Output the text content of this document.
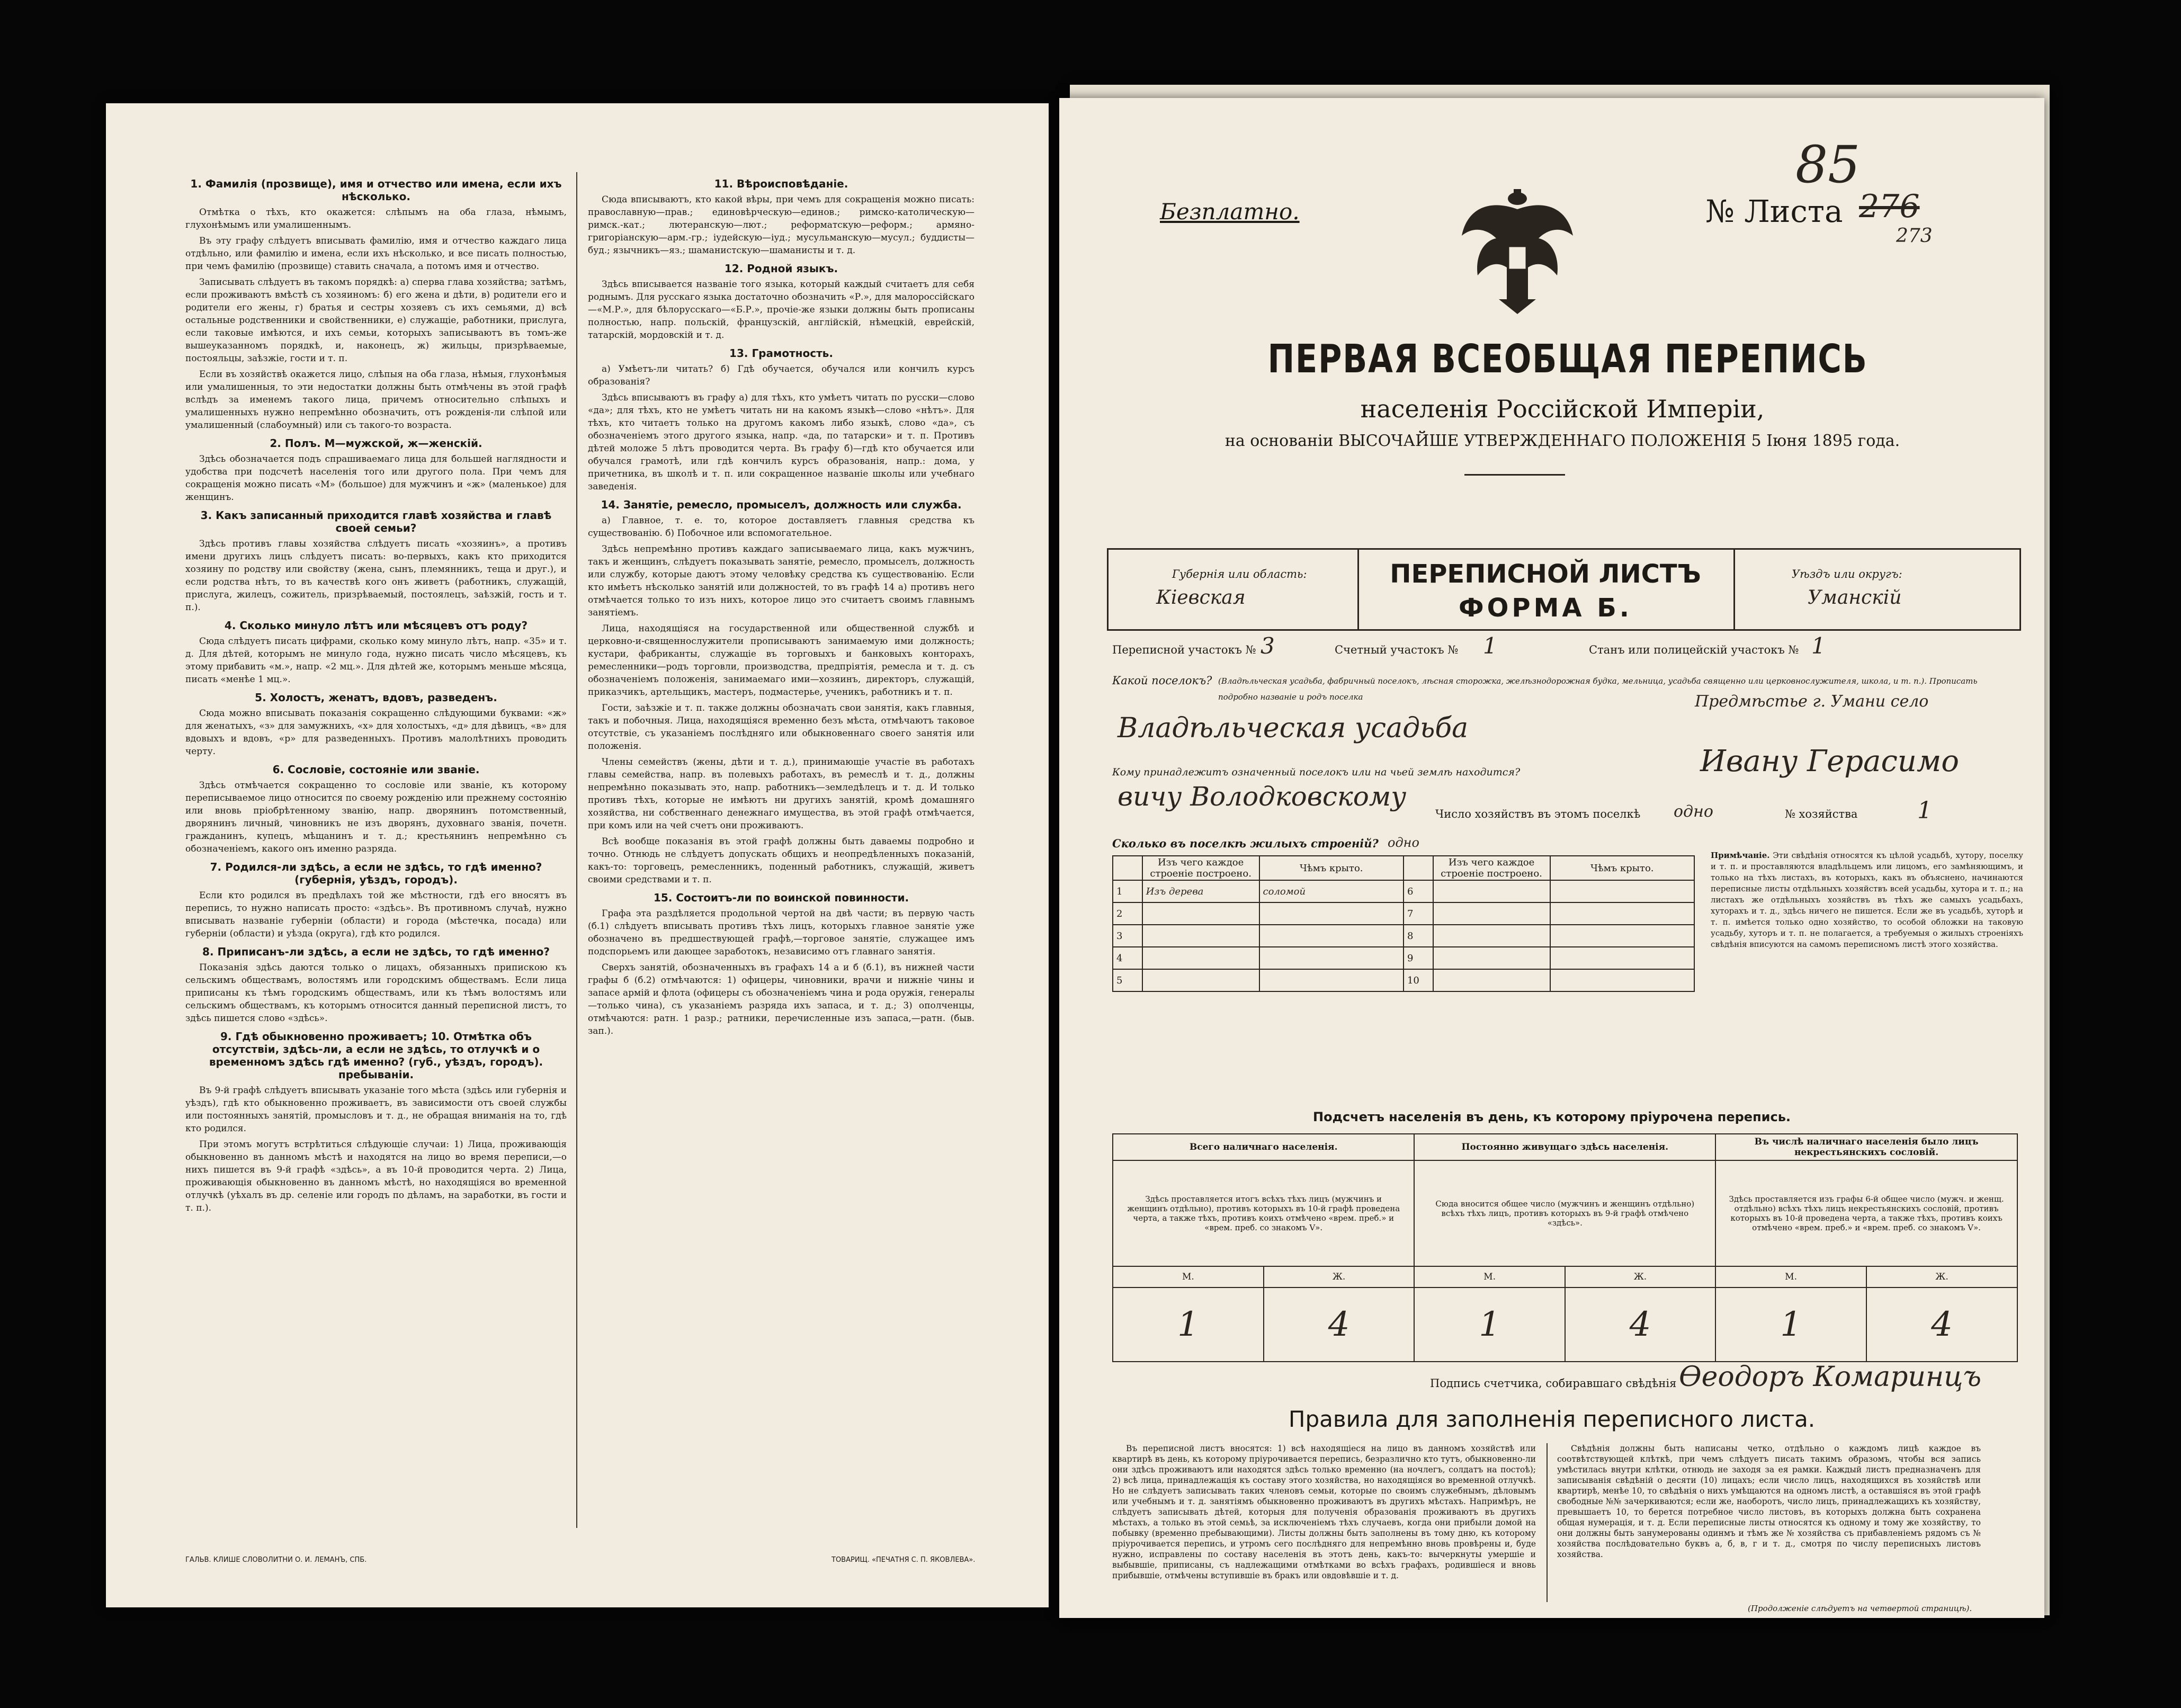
1. Фамилія (прозвище), имя и отчество или имена, если ихъ нѣсколько.

Отмѣтка о тѣхъ, кто окажется: слѣпымъ на оба глаза, нѣмымъ, глухонѣмымъ или умалишеннымъ.

Въ эту графу слѣдуетъ вписывать фамилію, имя и отчество каждаго лица отдѣльно, или фамилію и имена, если ихъ нѣсколько, и все писать полностью, при чемъ фамилію (прозвище) ставить сначала, а потомъ имя и отчество.

Записывать слѣдуетъ въ такомъ порядкѣ: а) сперва глава хозяйства; затѣмъ, если проживаютъ вмѣстѣ съ хозяиномъ: б) его жена и дѣти, в) родители его и родители его жены, г) братья и сестры хозяевъ съ ихъ семьями, д) всѣ остальные родственники и свойственники, е) служащіе, работники, прислуга, если таковые имѣются, и ихъ семьи, которыхъ записываютъ въ томъ-же вышеуказанномъ порядкѣ, и, наконецъ, ж) жильцы, призрѣваемые, постояльцы, заѣзжіе, гости и т. п.

Если въ хозяйствѣ окажется лицо, слѣпыя на оба глаза, нѣмыя, глухонѣмыя или умалишенныя, то эти недостатки должны быть отмѣчены въ этой графѣ вслѣдъ за именемъ такого лица, причемъ относительно слѣпыхъ и умалишенныхъ нужно непремѣнно обозначить, отъ рожденія-ли слѣпой или умалишенный (слабоумный) или съ такого-то возраста.

2. Полъ. М—мужской, ж—женскій.

Здѣсь обозначается подъ спрашиваемаго лица для большей наглядности и удобства при подсчетѣ населенія того или другого пола. При чемъ для сокращенія можно писать «М» (большое) для мужчинъ и «ж» (маленькое) для женщинъ.

3. Какъ записанный приходится главѣ хозяйства и главѣ своей семьи?

Здѣсь противъ главы хозяйства слѣдуетъ писать «хозяинъ», а противъ имени другихъ лицъ слѣдуетъ писать: во-первыхъ, какъ кто приходится хозяину по родству или свойству (жена, сынъ, племянникъ, теща и друг.), и если родства нѣтъ, то въ качествѣ кого онъ живетъ (работникъ, служащій, прислуга, жилецъ, сожитель, призрѣваемый, постоялецъ, заѣзжій, гость и т. п.).

4. Сколько минуло лѣтъ или мѣсяцевъ отъ роду?

Сюда слѣдуетъ писать цифрами, сколько кому минуло лѣтъ, напр. «35» и т. д. Для дѣтей, которымъ не минуло года, нужно писать число мѣсяцевъ, къ этому прибавить «м.», напр. «2 мц.». Для дѣтей же, которымъ меньше мѣсяца, писать «менѣе 1 мц.».

5. Холостъ, женатъ, вдовъ, разведенъ.

Сюда можно вписывать показанія сокращенно слѣдующими буквами: «ж» для женатыхъ, «з» для замужнихъ, «х» для холостыхъ, «д» для дѣвицъ, «в» для вдовыхъ и вдовъ, «р» для разведенныхъ. Противъ малолѣтнихъ проводить черту.

6. Сословіе, состояніе или званіе.

Здѣсь отмѣчается сокращенно то сословіе или званіе, къ которому переписываемое лицо относится по своему рожденію или прежнему состоянію или вновь пріобрѣтенному званію, напр. дворянинъ потомственный, дворянинъ личный, чиновникъ не изъ дворянъ, духовнаго званія, почетн. гражданинъ, купецъ, мѣщанинъ и т. д.; крестьянинъ непремѣнно съ обозначеніемъ, какого онъ именно разряда.

7. Родился-ли здѣсь, а если не здѣсь, то гдѣ именно? (губернія, уѣздъ, городъ).

Если кто родился въ предѣлахъ той же мѣстности, гдѣ его вносятъ въ перепись, то нужно написать просто: «здѣсь». Въ противномъ случаѣ, нужно вписывать названіе губерніи (области) и города (мѣстечка, посада) или губерніи (области) и уѣзда (округа), гдѣ кто родился.

8. Приписанъ-ли здѣсь, а если не здѣсь, то гдѣ именно?

Показанія здѣсь даются только о лицахъ, обязанныхъ припискою къ сельскимъ обществамъ, волостямъ или городскимъ обществамъ. Если лица приписаны къ тѣмъ городскимъ обществамъ, или къ тѣмъ волостямъ или сельскимъ обществамъ, къ которымъ относится данный переписной листъ, то здѣсь пишется слово «здѣсь».

9. Гдѣ обыкновенно проживаетъ; 10. Отмѣтка объ отсутствіи, здѣсь-ли, а если не здѣсь, то отлучкѣ и о временномъ здѣсь гдѣ именно? (губ., уѣздъ, городъ). пребываніи.

Въ 9-й графѣ слѣдуетъ вписывать указаніе того мѣста (здѣсь или губернія и уѣздъ), гдѣ кто обыкновенно проживаетъ, въ зависимости отъ своей службы или постоянныхъ занятій, промысловъ и т. д., не обращая вниманія на то, гдѣ кто родился.

При этомъ могутъ встрѣтиться слѣдующіе случаи: 1) Лица, проживающія обыкновенно въ данномъ мѣстѣ и находятся на лицо во время переписи,—о нихъ пишется въ 9-й графѣ «здѣсь», а въ 10-й проводится черта. 2) Лица, проживающія обыкновенно въ данномъ мѣстѣ, но находящіяся во временной отлучкѣ (уѣхалъ въ др. селеніе или городъ по дѣламъ, на заработки, въ гости и т. п.).

11. Вѣроисповѣданіе.

Сюда вписываютъ, кто какой вѣры, при чемъ для сокращенія можно писать: православную—прав.; единовѣрческую—единов.; римско-католическую—римск.-кат.; лютеранскую—лют.; реформатскую—реформ.; армяно-григоріанскую—арм.-гр.; іудейскую—іуд.; мусульманскую—мусул.; буддисты—буд.; язычникъ—яз.; шаманистскую—шаманисты и т. д.

12. Родной языкъ.

Здѣсь вписывается названіе того языка, который каждый считаетъ для себя роднымъ. Для русскаго языка достаточно обозначить «Р.», для малороссійскаго—«М.Р.», для бѣлорусскаго—«Б.Р.», прочіе-же языки должны быть прописаны полностью, напр. польскій, французскій, англійскій, нѣмецкій, еврейскій, татарскій, мордовскій и т. д.

13. Грамотность.

а) Умѣетъ-ли читать? б) Гдѣ обучается, обучался или кончилъ курсъ образованія?

Здѣсь вписываютъ въ графу а) для тѣхъ, кто умѣетъ читать по русски—слово «да»; для тѣхъ, кто не умѣетъ читать ни на какомъ языкѣ—слово «нѣтъ». Для тѣхъ, кто читаетъ только на другомъ какомъ либо языкѣ, слово «да», съ обозначеніемъ этого другого языка, напр. «да, по татарски» и т. п. Противъ дѣтей моложе 5 лѣтъ проводится черта. Въ графу б)—гдѣ кто обучается или обучался грамотѣ, или гдѣ кончилъ курсъ образованія, напр.: дома, у причетника, въ школѣ и т. п. или сокращенное названіе школы или учебнаго заведенія.

14. Занятіе, ремесло, промыселъ, должность или служба.

а) Главное, т. е. то, которое доставляетъ главныя средства къ существованію. б) Побочное или вспомогательное.

Здѣсь непремѣнно противъ каждаго записываемаго лица, какъ мужчинъ, такъ и женщинъ, слѣдуетъ показывать занятіе, ремесло, промыселъ, должность или службу, которые даютъ этому человѣку средства къ существованію. Если кто имѣетъ нѣсколько занятій или должностей, то въ графѣ 14 а) противъ него отмѣчается только то изъ нихъ, которое лицо это считаетъ своимъ главнымъ занятіемъ.

Лица, находящіяся на государственной или общественной службѣ и церковно-и-священнослужители прописываютъ занимаемую ими должность; кустари, фабриканты, служащіе въ торговыхъ и банковыхъ конторахъ, ремесленники—родъ торговли, производства, предпріятія, ремесла и т. д. съ обозначеніемъ положенія, занимаемаго ими—хозяинъ, директоръ, служащій, приказчикъ, артельщикъ, мастеръ, подмастерье, ученикъ, работникъ и т. п.

Гости, заѣзжіе и т. п. также должны обозначать свои занятія, какъ главныя, такъ и побочныя. Лица, находящіяся временно безъ мѣста, отмѣчаютъ таковое отсутствіе, съ указаніемъ послѣдняго или обыкновеннаго своего занятія или положенія.

Члены семействъ (жены, дѣти и т. д.), принимающіе участіе въ работахъ главы семейства, напр. въ полевыхъ работахъ, въ ремеслѣ и т. д., должны непремѣнно показывать это, напр. работникъ—земледѣлецъ и т. д. И только противъ тѣхъ, которые не имѣютъ ни другихъ занятій, кромѣ домашняго хозяйства, ни собственнаго денежнаго имущества, въ этой графѣ отмѣчается, при комъ или на чей счетъ они проживаютъ.

Всѣ вообще показанія въ этой графѣ должны быть даваемы подробно и точно. Отнюдь не слѣдуетъ допускать общихъ и неопредѣленныхъ показаній, какъ-то: торговецъ, ремесленникъ, поденный работникъ, служащій, живетъ своими средствами и т. п.

15. Состоитъ-ли по воинской повинности.

Графа эта раздѣляется продольной чертой на двѣ части; въ первую часть (б.1) слѣдуетъ вписывать противъ тѣхъ лицъ, которыхъ главное занятіе уже обозначено въ предшествующей графѣ,—торговое занятіе, служащее имъ подспорьемъ или дающее заработокъ, независимо отъ главнаго занятія.

Сверхъ занятій, обозначенныхъ въ графахъ 14 а и б (б.1), въ нижней части графы б (б.2) отмѣчаются: 1) офицеры, чиновники, врачи и нижніе чины и запасе армій и флота (офицеры съ обозначеніемъ чина и рода оружія, генералы—только чина), съ указаніемъ разряда ихъ запаса, и т. д.; 3) ополченцы, отмѣчаются: ратн. 1 разр.; ратники, перечисленные изъ запаса,—ратн. (быв. зап.).

ГАЛЬВ. КЛИШЕ СЛОВОЛИТНИ О. И. ЛЕМАНЪ, СПБ.	ТОВАРИЩ. «ПЕЧАТНЯ С. П. ЯКОВЛЕВА».
Безплатно.	№ Листа 276
273
85
ПЕРВАЯ ВСЕОБЩАЯ ПЕРЕПИСЬ
населенія Россійской Имперіи,
на основаніи ВЫСОЧАЙШЕ УТВЕРЖДЕННАГО ПОЛОЖЕНІЯ 5 Іюня 1895 года.
Губернія или область:
Кіевская
ПЕРЕПИСНОЙ ЛИСТЪ
ФОРМА Б.
Уѣздъ или округъ:
Уманскій
Переписной участокъ № 3	Счетный участокъ № 1	Станъ или полицейскій участокъ № 1
Какой поселокъ? (Владѣльческая усадьба, фабричный поселокъ, лѣсная сторожка, желѣзнодорожная будка, мельница, усадьба священно или церковнослужителя, школа, и т. п.). Прописать подробно названіе и родъ поселка	Предмѣстье г. Умани село
Владѣльческая усадьба
Кому принадлежитъ означенный поселокъ или на чьей землѣ находится?	Ивану Герасимо
вичу Володковскому
Число хозяйствъ въ этомъ поселкѣ одно	№ хозяйства	1
Сколько въ поселкѣ жилыхъ строеній? одно
	Изъ чего каждое строеніе построено.	Чѣмъ крыто.		Изъ чего каждое строеніе построено.	Чѣмъ крыто.
1	Изъ дерева	соломой	6		
2			7		
3			8		
4			9		
5			10		
Примѣчаніе. Эти свѣдѣнія относятся къ цѣлой усадьбѣ, хутору, поселку и т. п. и проставляются владѣльцемъ или лицомъ, его замѣняющимъ, и только на тѣхъ листахъ, въ которыхъ, какъ въ объяснено, начинаются переписные листы отдѣльныхъ хозяйствъ всей усадьбы, хутора и т. п.; на листахъ же отдѣльныхъ хозяйствъ въ тѣхъ же самыхъ усадьбахъ, хуторахъ и т. д., здѣсь ничего не пишется. Если же въ усадьбѣ, хуторѣ и т. п. имѣется только одно хозяйство, то особой обложки на таковую усадьбу, хуторъ и т. п. не полагается, а требуемыя о жилыхъ строеніяхъ свѣдѣнія вписуются на самомъ переписномъ листѣ этого хозяйства.
Подсчетъ населенія въ день, къ которому пріурочена перепись.
Всего наличнаго населенія.		Постоянно живущаго здѣсь населенія.		Въ числѣ наличнаго населенія было лицъ некрестьянскихъ сословій.	
Здѣсь проставляется итогъ всѣхъ тѣхъ лицъ (мужчинъ и женщинъ отдѣльно), противъ которыхъ въ 10-й графѣ проведена черта, а также тѣхъ, противъ коихъ отмѣчено «врем. преб.» и «врем. преб. со знакомъ V».		Сюда вносится общее число (мужчинъ и женщинъ отдѣльно) всѣхъ тѣхъ лицъ, противъ которыхъ въ 9-й графѣ отмѣчено «здѣсь».		Здѣсь проставляется изъ графы 6-й общее число (мужч. и женщ. отдѣльно) всѣхъ тѣхъ лицъ некрестьянскихъ сословій, противъ которыхъ въ 10-й проведена черта, а также тѣхъ, противъ коихъ отмѣчено «врем. преб.» и «врем. преб. со знакомъ V».	
М.	Ж.	М.	Ж.	М.	Ж.
1	4	1	4	1	4
Подпись счетчика, собиравшаго свѣдѣнія Ѳеодоръ Комаринцъ
Правила для заполненія переписного листа.
Въ переписной листъ вносятся: 1) всѣ находящіеся на лицо въ данномъ хозяйствѣ или квартирѣ въ день, къ которому пріурочивается перепись, безразлично кто тутъ, обыкновенно-ли они здѣсь проживаютъ или находятся здѣсь только временно (на ночлегъ, солдатъ на постоѣ); 2) всѣ лица, принадлежащія къ составу этого хозяйства, но находящіяся во временной отлучкѣ. Но не слѣдуетъ записывать таких членовъ семьи, которые по своимъ служебнымъ, дѣловымъ или учебнымъ и т. д. занятіямъ обыкновенно проживаютъ въ другихъ мѣстахъ. Напримѣръ, не слѣдуетъ записывать дѣтей, которыя для полученія образованія проживаютъ въ другихъ мѣстахъ, а только въ этой семьѣ, за исключеніемъ тѣхъ случаевъ, когда они прибыли домой на побывку (временно пребывающими). Листы должны быть заполнены въ тому дню, къ которому пріурочивается перепись, и утромъ сего послѣдняго для непремѣнно вновь провѣрены и, буде нужно, исправлены по составу населенія въ этотъ день, какъ-то: вычеркнуты умершіе и выбывшіе, приписаны, съ надлежащими отмѣтками во всѣхъ графахъ, родившіеся и вновь прибывшіе, отмѣчены вступившіе въ бракъ или овдовѣвшіе и т. д.
Свѣдѣнія должны быть написаны четко, отдѣльно о каждомъ лицѣ каждое въ соотвѣтствующей клѣткѣ, при чемъ слѣдуетъ писать такимъ образомъ, чтобы вся запись умѣстилась внутри клѣтки, отнюдь не заходя за ея рамки. Каждый листъ предназначенъ для записыванія свѣдѣній о десяти (10) лицахъ; если число лицъ, находящихся въ хозяйствѣ или квартирѣ, менѣе 10, то свѣдѣнія о нихъ умѣщаются на одномъ листѣ, а оставшіяся въ этой графѣ свободные №№ зачеркиваются; если же, наоборотъ, число лицъ, принадлежащихъ къ хозяйству, превышаетъ 10, то берется потребное число листовъ, въ которыхъ должна быть сохранена общая нумерація, и т. д. Если переписные листы относятся къ одному и тому же хозяйству, то они должны быть занумерованы одинмъ и тѣмъ же № хозяйства съ прибавленіемъ рядомъ съ № хозяйства послѣдовательно буквъ а, б, в, г и т. д., смотря по числу переписныхъ листовъ хозяйства.
(Продолженіе слѣдуетъ на четвертой страницѣ).
